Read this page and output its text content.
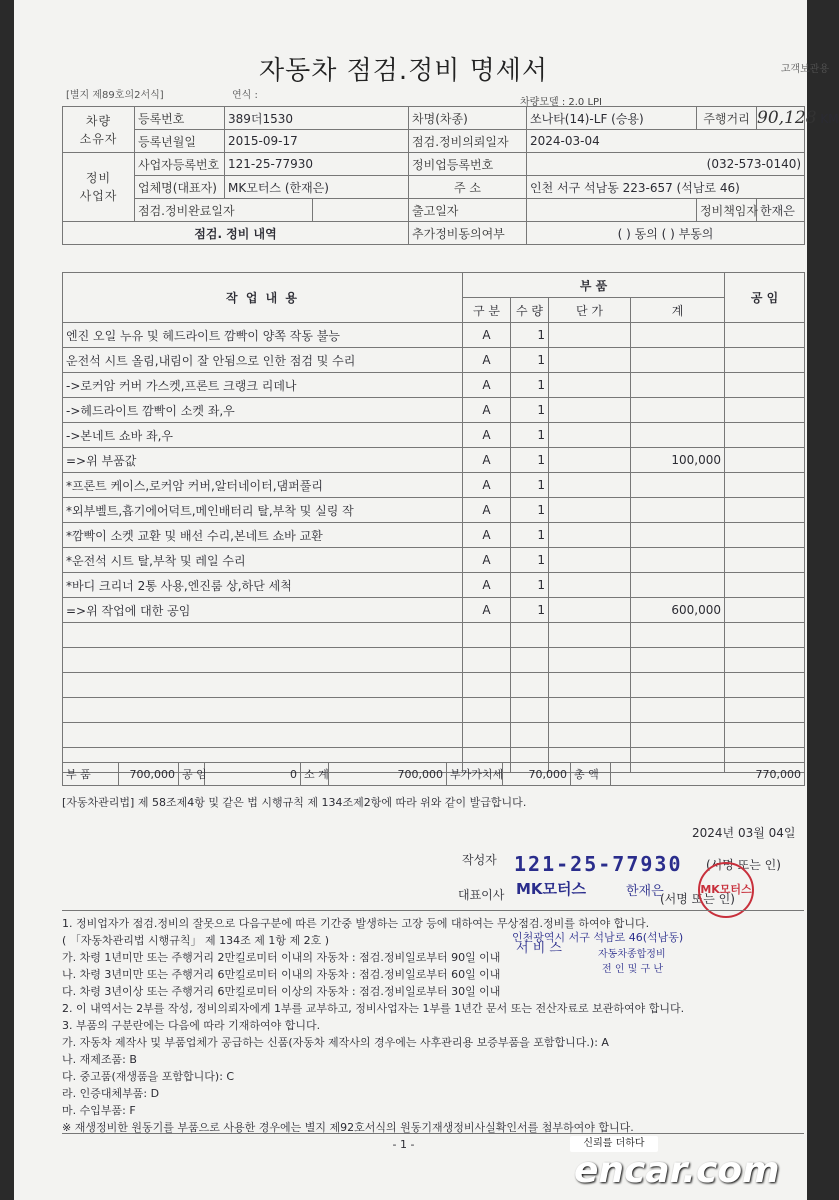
자동차 점검.정비 명세서	고객보관용
[별지 제89호의2서식]	연식 :
차량모델 : 2.0 LPI
차량
소유자	등록번호	389더1530		차명(차종)	쏘나타(14)-LF (승용)	주행거리	90,128 KM
	등록년월일	2015-09-17		점검.정비의뢰일자	2024-03-04		
정비
사업자	사업자등록번호	121-25-77930		정비업등록번호	(032-573-0140)		
	업체명(대표자)	MK모터스 (한재은)		주 소	인천 서구 석남동 223-657 (석남로 46)		
	점검.정비완료일자			출고일자		정비책임자	한재은
점검. 정비 내역				추가정비동의여부	( ) 동의 ( ) 부동의		
작 업 내 용	부 품				공 임
	구 분	수 량	단 가	계	
엔진 오일 누유 및 헤드라이트 깜빡이 양쪽 작동 불능	A	1			
운전석 시트 올림,내림이 잘 안됨으로 인한 점검 및 수리	A	1			
->로커암 커버 가스켓,프론트 크랭크 리데나	A	1			
->헤드라이트 깜빡이 소켓 좌,우	A	1			
->본네트 쇼바 좌,우	A	1			
=>위 부품값	A	1		100,000	
*프론트 케이스,로커암 커버,알터네이터,댐퍼풀리	A	1			
*외부벨트,흡기에어덕트,메인배터리 탈,부착 및 실링 작	A	1			
*깜빡이 소켓 교환 및 배선 수리,본네트 쇼바 교환	A	1			
*운전석 시트 탈,부착 및 레일 수리	A	1			
*바디 크리너 2통 사용,엔진룸 상,하단 세척	A	1			
=>위 작업에 대한 공임	A	1		600,000	

부 품	700,000	공 임	0	소 계	700,000	부가가치세	70,000	총 액	770,000
[자동차관리법] 제 58조제4항 및 같은 법 시행규칙 제 134조제2항에 따라 위와 같이 발급합니다.
2024년 03월 04일
작성자 121-25-77930 (서명 또는 인)
대표이사 MK모터스	한재은
(서명 또는 인)
MK모터스
1. 정비업자가 점검.정비의 잘못으로 다음구분에 따른 기간중 발생하는 고장 등에 대하여는 무상점검.정비를 하여야 합니다.
( 「자동차관리법 시행규칙」 제 134조 제 1항 제 2호 )
가. 차령 1년미만 또는 주행거리 2만킬로미터 이내의 자동차 : 점검.정비일로부터 90일 이내
나. 차령 3년미만 또는 주행거리 6만킬로미터 이내의 자동차 : 점검.정비일로부터 60일 이내
다. 차령 3년이상 또는 주행거리 6만킬로미터 이상의 자동차 : 점검.정비일로부터 30일 이내
2. 이 내역서는 2부를 작성, 정비의뢰자에게 1부를 교부하고, 정비사업자는 1부를 1년간 문서 또는 전산자료로 보관하여야 합니다.
3. 부품의 구분란에는 다음에 따라 기재하여야 합니다.
가. 자동차 제작사 및 부품업체가 공급하는 신품(자동차 제작사의 경우에는 사후관리용 보증부품을 포함합니다.): A
나. 재제조품: B
다. 중고품(재생품을 포함합니다): C
라. 인증대체부품: D
마. 수입부품: F
※ 재생정비한 원동기를 부품으로 사용한 경우에는 별지 제92호서식의 원동기재생정비사실확인서를 첨부하여야 합니다.
인천광역시 서구 석남로 46(석남동)
서 비 스	자동차종합정비
전 인 및 구 난
- 1 -	신뢰를 더하다
encar.com
